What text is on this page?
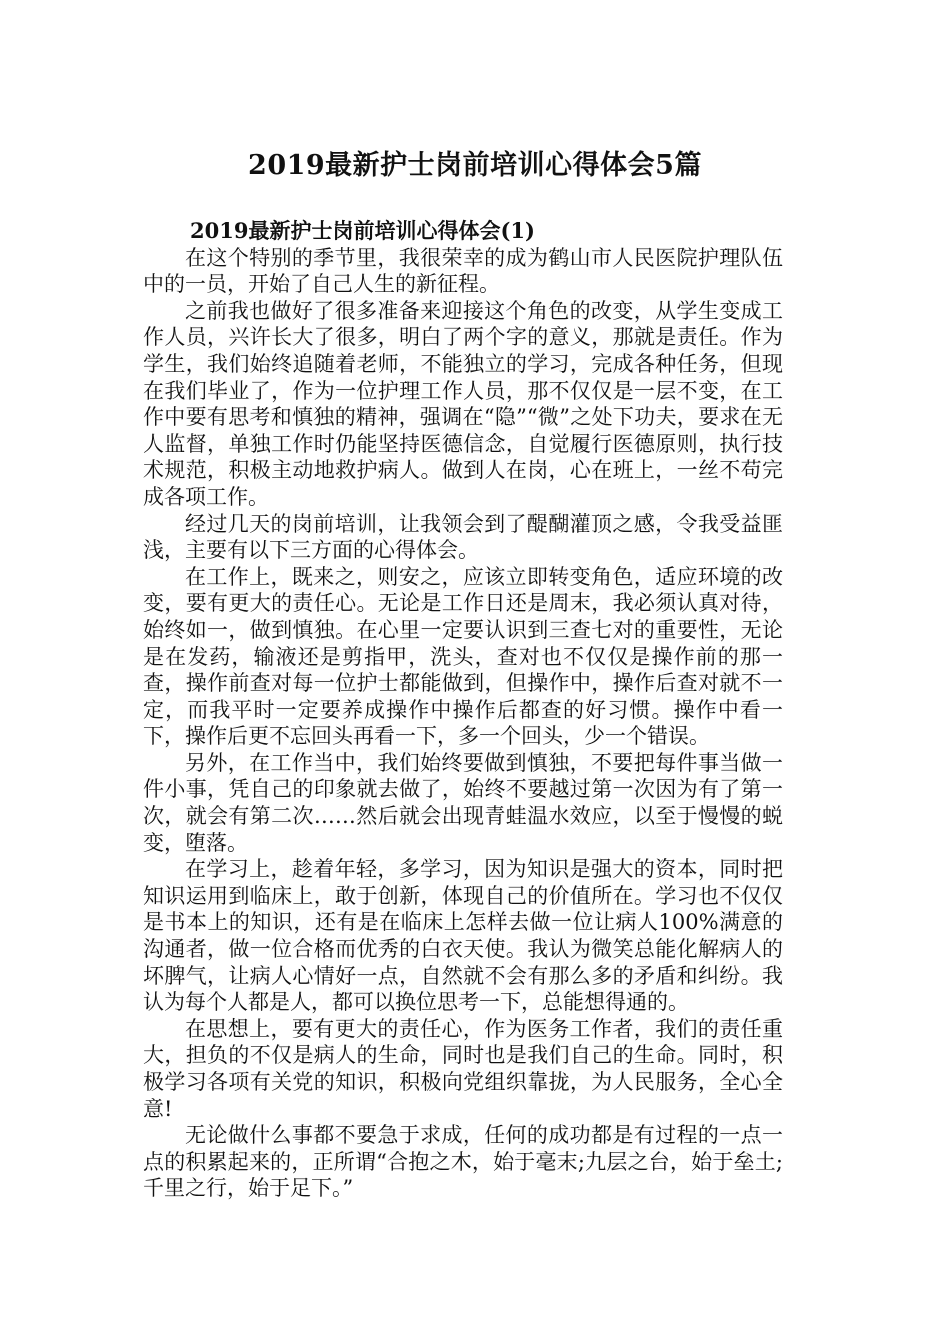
2019最新护士岗前培训心得体会5篇
2019最新护士岗前培训心得体会(1)

在这个特别的季节里，我很荣幸的成为鹤山市人民医院护理队伍中的一员，开始了自己人生的新征程。

之前我也做好了很多准备来迎接这个角色的改变，从学生变成工作人员，兴许长大了很多，明白了两个字的意义，那就是责任。作为学生，我们始终追随着老师，不能独立的学习，完成各种任务，但现在我们毕业了，作为一位护理工作人员，那不仅仅是一层不变，在工作中要有思考和慎独的精神，强调在“隐”“微”之处下功夫，要求在无人监督，单独工作时仍能坚持医德信念，自觉履行医德原则，执行技术规范，积极主动地救护病人。做到人在岗，心在班上，一丝不苟完成各项工作。

经过几天的岗前培训，让我领会到了醍醐灌顶之感，令我受益匪浅，主要有以下三方面的心得体会。

在工作上，既来之，则安之，应该立即转变角色，适应环境的改变，要有更大的责任心。无论是工作日还是周末，我必须认真对待，始终如一，做到慎独。在心里一定要认识到三查七对的重要性，无论是在发药，输液还是剪指甲，洗头，查对也不仅仅是操作前的那一查，操作前查对每一位护士都能做到，但操作中，操作后查对就不一定，而我平时一定要养成操作中操作后都查的好习惯。操作中看一下，操作后更不忘回头再看一下，多一个回头，少一个错误。

另外，在工作当中，我们始终要做到慎独，不要把每件事当做一件小事，凭自己的印象就去做了，始终不要越过第一次因为有了第一次，就会有第二次……然后就会出现青蛙温水效应，以至于慢慢的蜕变，堕落。

在学习上，趁着年轻，多学习，因为知识是强大的资本，同时把知识运用到临床上，敢于创新，体现自己的价值所在。学习也不仅仅是书本上的知识，还有是在临床上怎样去做一位让病人100%满意的沟通者，做一位合格而优秀的白衣天使。我认为微笑总能化解病人的坏脾气，让病人心情好一点，自然就不会有那么多的矛盾和纠纷。我认为每个人都是人，都可以换位思考一下，总能想得通的。

在思想上，要有更大的责任心，作为医务工作者，我们的责任重大，担负的不仅是病人的生命，同时也是我们自己的生命。同时，积极学习各项有关党的知识，积极向党组织靠拢，为人民服务，全心全意!

无论做什么事都不要急于求成，任何的成功都是有过程的一点一点的积累起来的，正所谓“合抱之木，始于毫末;九层之台，始于垒土;千里之行，始于足下。”
